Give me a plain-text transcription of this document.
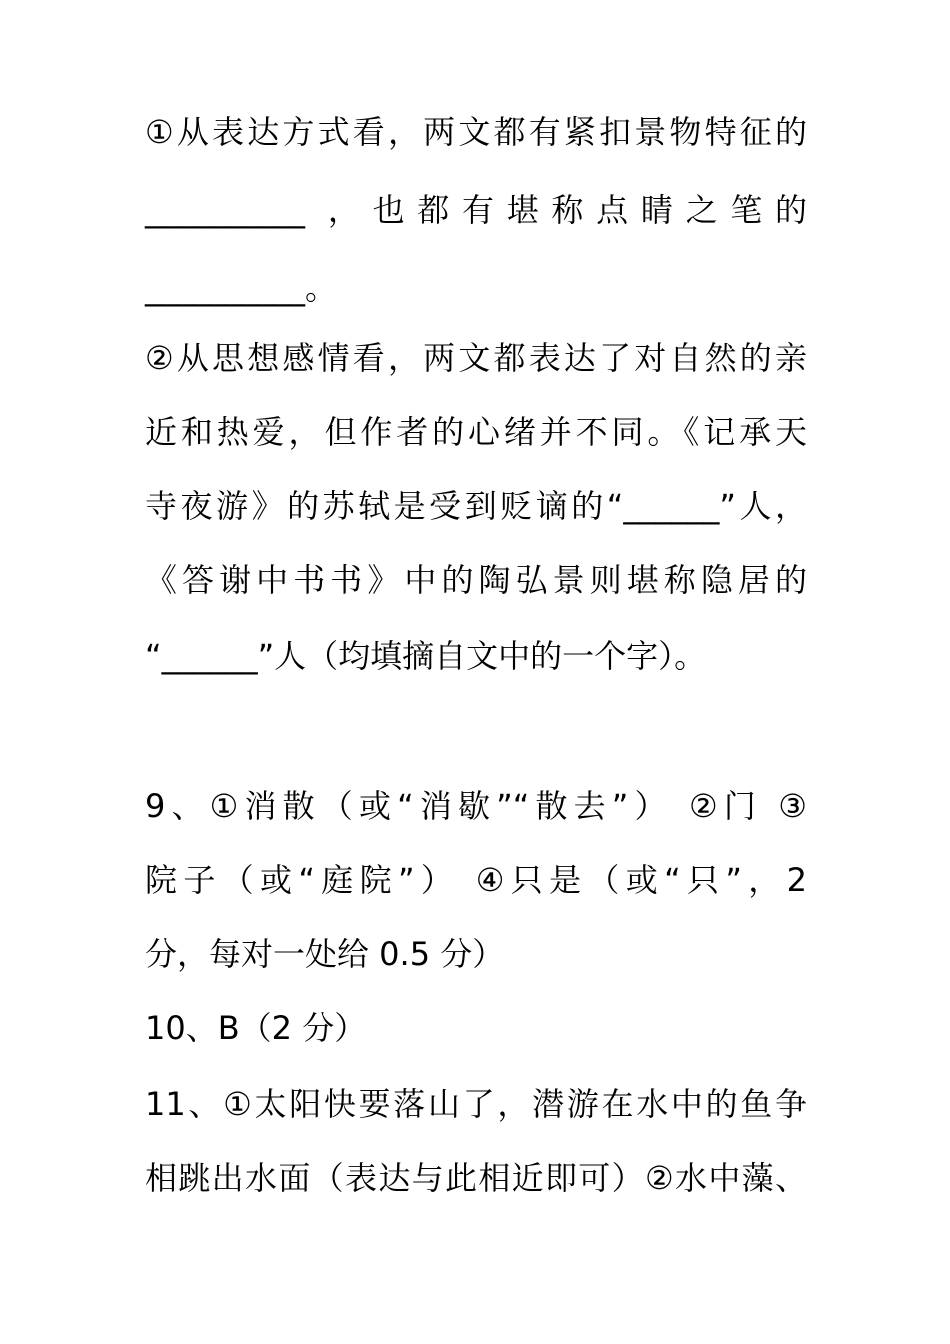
①从表达方式看，两文都有紧扣景物特征的
__________ ，也都有堪称点睛之笔的
__________。
②从思想感情看，两文都表达了对自然的亲
近和热爱，但作者的心绪并不同。《记承天
寺夜游》的苏轼是受到贬谪的“______”人，
《答谢中书书》中的陶弘景则堪称隐居的
“______”人（均填摘自文中的一个字）。
9、①消散（或“消歇”“散去”） ②门 ③
院子（或“庭院”） ④只是（或“只”，2
分，每对一处给 0.5 分）
10、B（2 分）
11、①太阳快要落山了，潜游在水中的鱼争
相跳出水面（表达与此相近即可）②水中藻、
